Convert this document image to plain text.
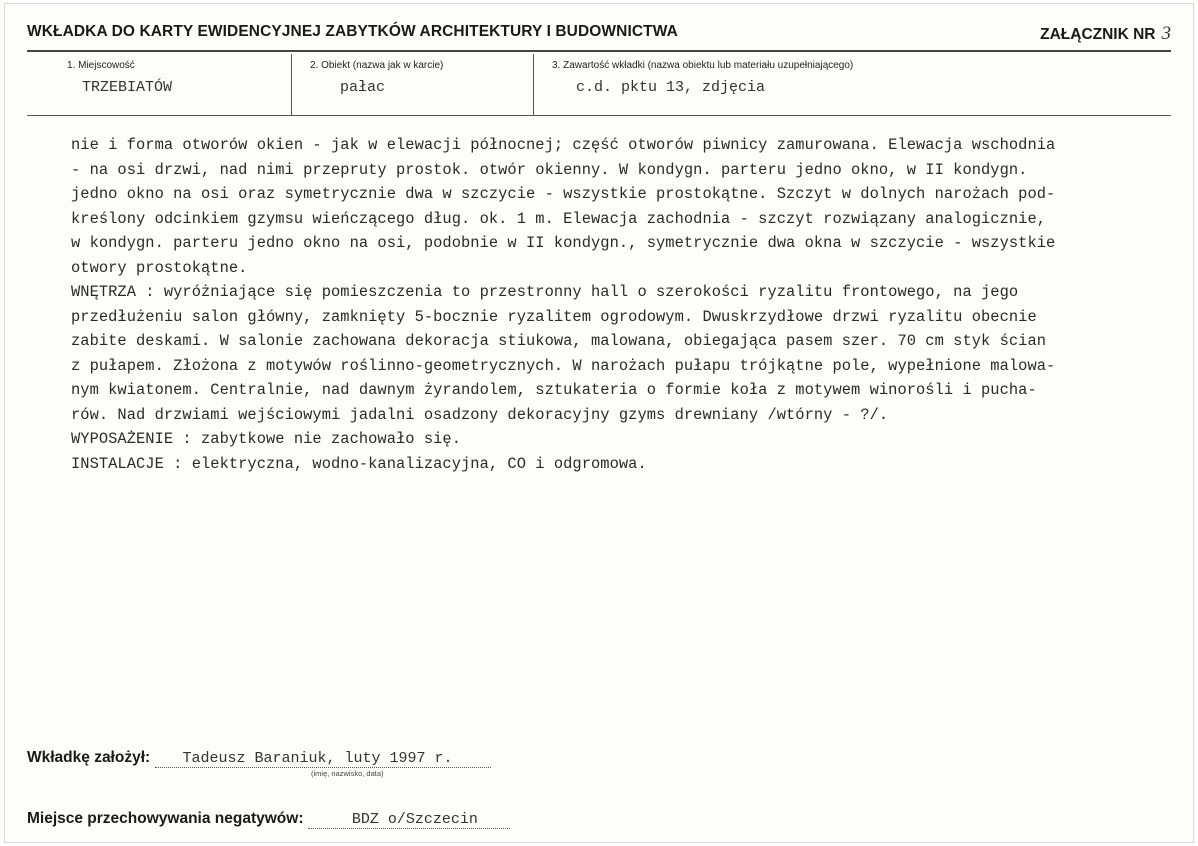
WKŁADKA DO KARTY EWIDENCYJNEJ ZABYTKÓW ARCHITEKTURY I BUDOWNICTWA	ZAŁĄCZNIK NR 3
1. Miejscowość
TRZEBIATÓW
2. Obiekt (nazwa jak w karcie)
pałac
3. Zawartość wkładki (nazwa obiektu lub materiału uzupełniającego)
c.d. pktu 13, zdjęcia
nie i forma otworów okien - jak w elewacji północnej; część otworów piwnicy zamurowana. Elewacja wschodnia
- na osi drzwi, nad nimi przepruty prostok. otwór okienny. W kondygn. parteru jedno okno, w II kondygn.
jedno okno na osi oraz symetrycznie dwa w szczycie - wszystkie prostokątne. Szczyt w dolnych narożach pod-
kreślony odcinkiem gzymsu wieńczącego dług. ok. 1 m. Elewacja zachodnia - szczyt rozwiązany analogicznie,
w kondygn. parteru jedno okno na osi, podobnie w II kondygn., symetrycznie dwa okna w szczycie - wszystkie
otwory prostokątne.
WNĘTRZA : wyróżniające się pomieszczenia to przestronny hall o szerokości ryzalitu frontowego, na jego
przedłużeniu salon główny, zamknięty 5-bocznie ryzalitem ogrodowym. Dwuskrzydłowe drzwi ryzalitu obecnie
zabite deskami. W salonie zachowana dekoracja stiukowa, malowana, obiegająca pasem szer. 70 cm styk ścian
z pułapem. Złożona z motywów roślinno-geometrycznych. W narożach pułapu trójkątne pole, wypełnione malowa-
nym kwiatonem. Centralnie, nad dawnym żyrandolem, sztukateria o formie koła z motywem winorośli i pucha-
rów. Nad drzwiami wejściowymi jadalni osadzony dekoracyjny gzyms drewniany /wtórny - ?/.
WYPOSAŻENIE : zabytkowe nie zachowało się.
INSTALACJE : elektryczna, wodno-kanalizacyjna, CO i odgromowa.
Wkładkę założył: Tadeusz Baraniuk, luty 1997 r.
(imię, nazwisko, data)
Miejsce przechowywania negatywów:	BDZ o/Szczecin
